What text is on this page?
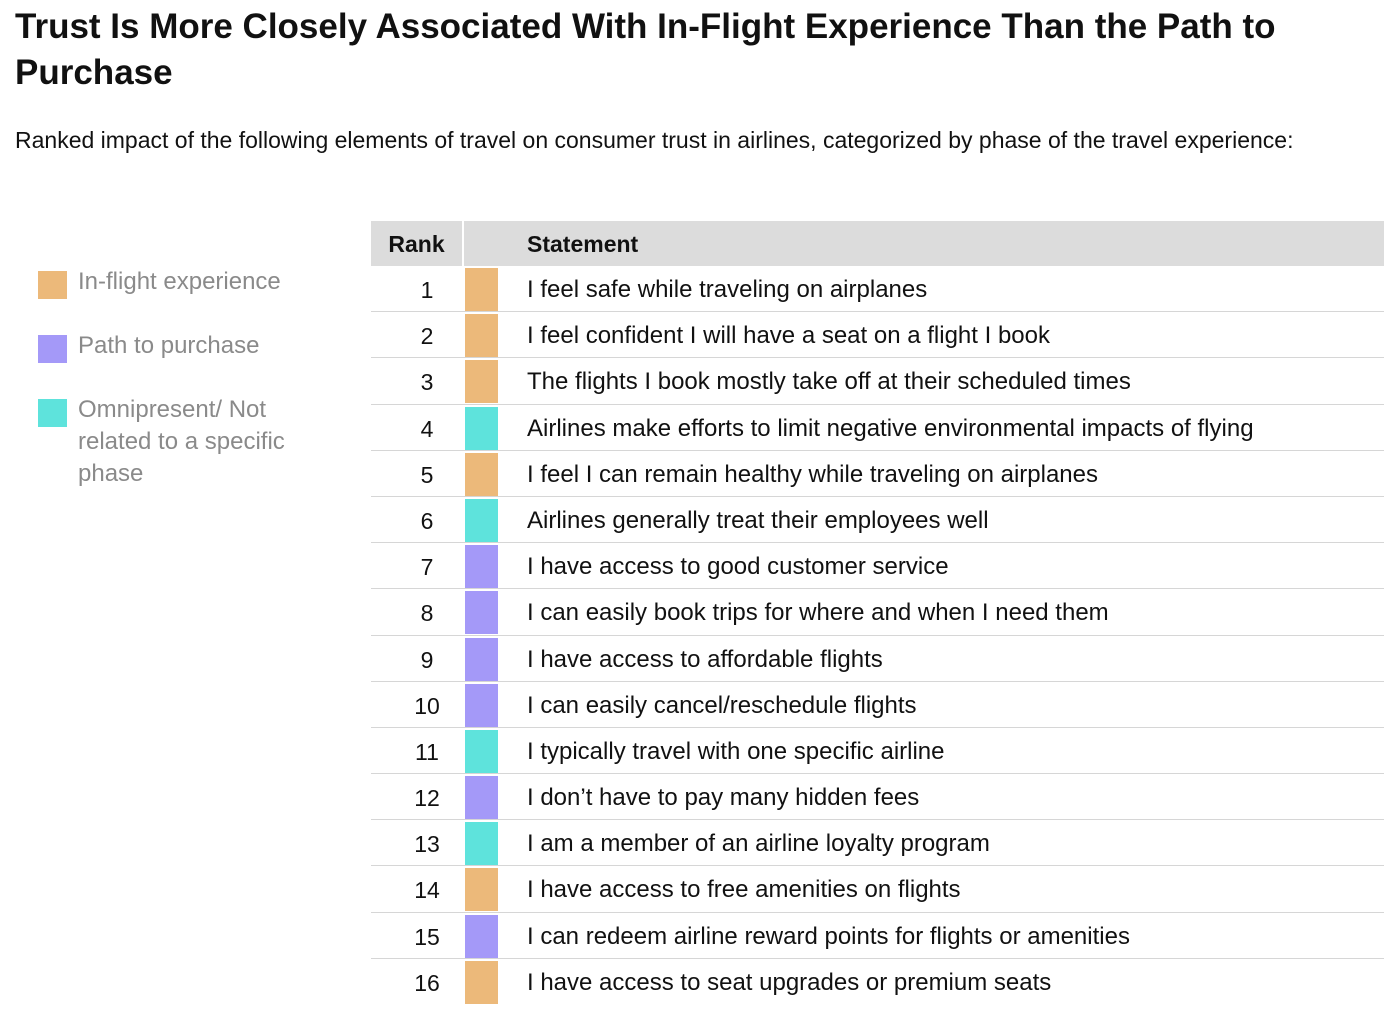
Trust Is More Closely Associated With In-Flight Experience Than the Path to Purchase

Ranked impact of the following elements of travel on consumer trust in airlines, categorized by phase of the travel experience:

In-flight experience
Path to purchase
Omnipresent/ Not related to a specific phase
Rank	Statement
1	I feel safe while traveling on airplanes
2	I feel confident I will have a seat on a flight I book
3	The flights I book mostly take off at their scheduled times
4	Airlines make efforts to limit negative environmental impacts of flying
5	I feel I can remain healthy while traveling on airplanes
6	Airlines generally treat their employees well
7	I have access to good customer service
8	I can easily book trips for where and when I need them
9	I have access to affordable flights
10	I can easily cancel/reschedule flights
11	I typically travel with one specific airline
12	I don’t have to pay many hidden fees
13	I am a member of an airline loyalty program
14	I have access to free amenities on flights
15	I can redeem airline reward points for flights or amenities
16	I have access to seat upgrades or premium seats
